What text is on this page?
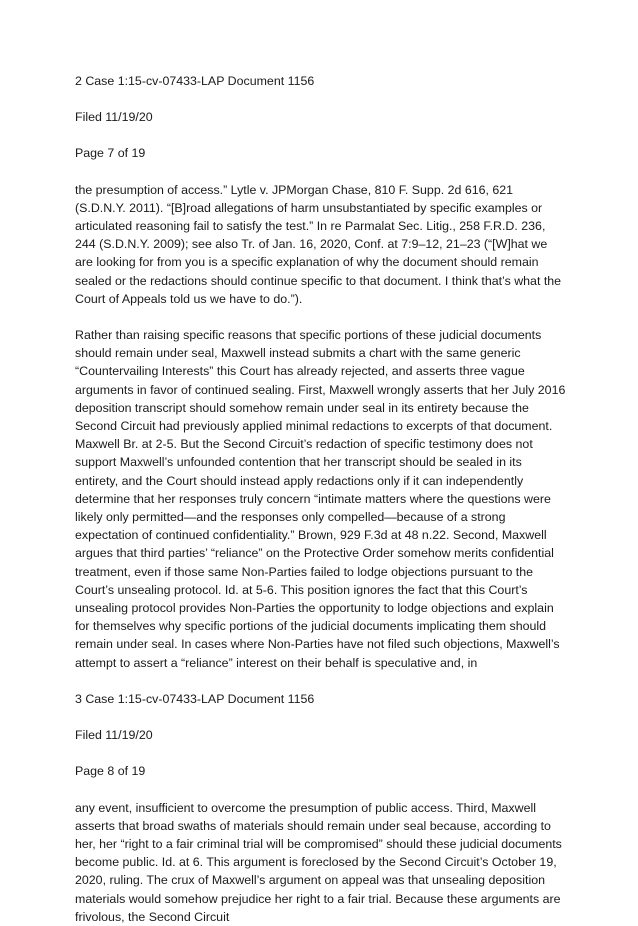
2 Case 1:15-cv-07433-LAP Document 1156
Filed 11/19/20
Page 7 of 19

the presumption of access.” Lytle v. JPMorgan Chase, 810 F. Supp. 2d 616, 621 (S.D.N.Y. 2011). “[B]road allegations of harm unsubstantiated by specific examples or articulated reasoning fail to satisfy the test.” In re Parmalat Sec. Litig., 258 F.R.D. 236, 244 (S.D.N.Y. 2009); see also Tr. of Jan. 16, 2020, Conf. at 7:9–12, 21–23 (“[W]hat we are looking for from you is a specific explanation of why the document should remain sealed or the redactions should continue specific to that document. I think that’s what the Court of Appeals told us we have to do.”).

Rather than raising specific reasons that specific portions of these judicial documents should remain under seal, Maxwell instead submits a chart with the same generic “Countervailing Interests” this Court has already rejected, and asserts three vague arguments in favor of continued sealing. First, Maxwell wrongly asserts that her July 2016 deposition transcript should somehow remain under seal in its entirety because the Second Circuit had previously applied minimal redactions to excerpts of that document. Maxwell Br. at 2-5. But the Second Circuit’s redaction of specific testimony does not support Maxwell’s unfounded contention that her transcript should be sealed in its entirety, and the Court should instead apply redactions only if it can independently determine that her responses truly concern “intimate matters where the questions were likely only permitted—and the responses only compelled—because of a strong expectation of continued confidentiality.” Brown, 929 F.3d at 48 n.22. Second, Maxwell argues that third parties’ “reliance” on the Protective Order somehow merits confidential treatment, even if those same Non-Parties failed to lodge objections pursuant to the Court’s unsealing protocol. Id. at 5-6. This position ignores the fact that this Court’s unsealing protocol provides Non-Parties the opportunity to lodge objections and explain for themselves why specific portions of the judicial documents implicating them should remain under seal. In cases where Non-Parties have not filed such objections, Maxwell’s attempt to assert a “reliance” interest on their behalf is speculative and, in

3 Case 1:15-cv-07433-LAP Document 1156
Filed 11/19/20
Page 8 of 19

any event, insufficient to overcome the presumption of public access. Third, Maxwell asserts that broad swaths of materials should remain under seal because, according to her, her “right to a fair criminal trial will be compromised” should these judicial documents become public. Id. at 6. This argument is foreclosed by the Second Circuit’s October 19, 2020, ruling. The crux of Maxwell’s argument on appeal was that unsealing deposition materials would somehow prejudice her right to a fair trial. Because these arguments are frivolous, the Second Circuit
